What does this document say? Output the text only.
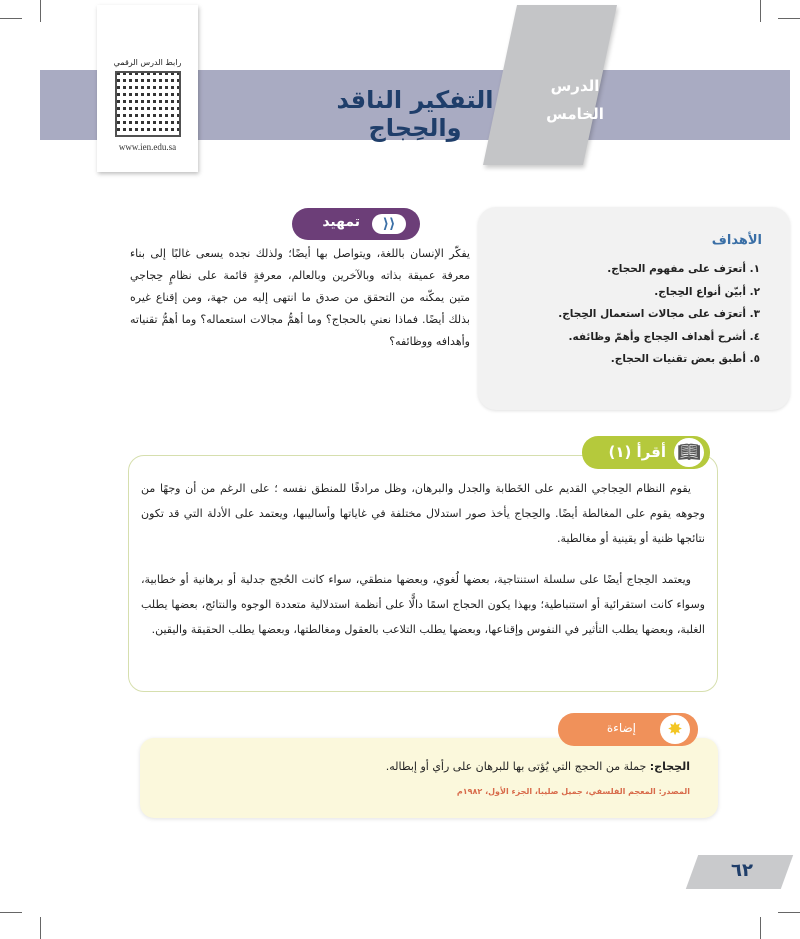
رابط الدرس الرقمي
www.ien.edu.sa
الدرس
الخامس
التفكير الناقد والحِجاج
الأهداف
١. أتعرَف على مفهوم الحجاج.
٢. أبيّن أنواع الحِجاج.
٣. أتعرَف على مجالات استعمال الحِجاج.
٤. أشرح أهداف الحِجاج وأهمّ وظائفه.
٥. أطبق بعض تقنيات الحجاج.
⟨⟨
تمهيد
يفكّر الإنسان باللغة، ويتواصل بها أيضًا؛ ولذلك نجده يسعى غالبًا إلى بناء معرفة عميقة بذاته وبالآخرين وبالعالم، معرفةٍ قائمة على نظامٍ حِجاجي متين يمكّنه من التحقق من صدق ما انتهى إليه من جهة، ومن إقناع غيره بذلك أيضًا. فماذا نعني بالحجاج؟ وما أهمُّ مجالات استعماله؟ وما أهمُّ تقنياته وأهدافه ووظائفه؟

يقوم النظام الحِجاجي القديم على الخَطابة والجدل والبرهان، وظل مرادفًا للمنطق نفسه ؛ على الرغم من أن وجهًا من وجوهه يقوم على المغالطة أيضًا. والحِجاج يأخذ صور استدلال مختلفة في غاياتها وأساليبها، ويعتمد على الأدلة التي قد تكون نتائجها ظنية أو يقينية أو مغالطية.

ويعتمد الحِجاج أيضًا على سلسلة استنتاجية، بعضها لُغوي، وبعضها منطقي، سواء كانت الحُجج جدلية أو برهانية أو خطابية، وسواء كانت استقرائية أو استنباطية؛ وبهذا يكون الحجاج اسمًا دالًّا على أنظمة استدلالية متعددة الوجوه والنتائج، بعضها يطلب الغلبة، وبعضها يطلب التأثير في النفوس وإقناعها، وبعضها يطلب التلاعب بالعقول ومغالطتها، وبعضها يطلب الحقيقة واليقين.

📖︎
أقرأ (١)
الحِجاج: جملة من الحجج التي يُؤتى بها للبرهان على رأي أو إبطاله.
المصدر: المعجم الفلسفي، جميل صليبا، الجزء الأول، ١٩٨٢م
✸
إضاءة
٦٢
